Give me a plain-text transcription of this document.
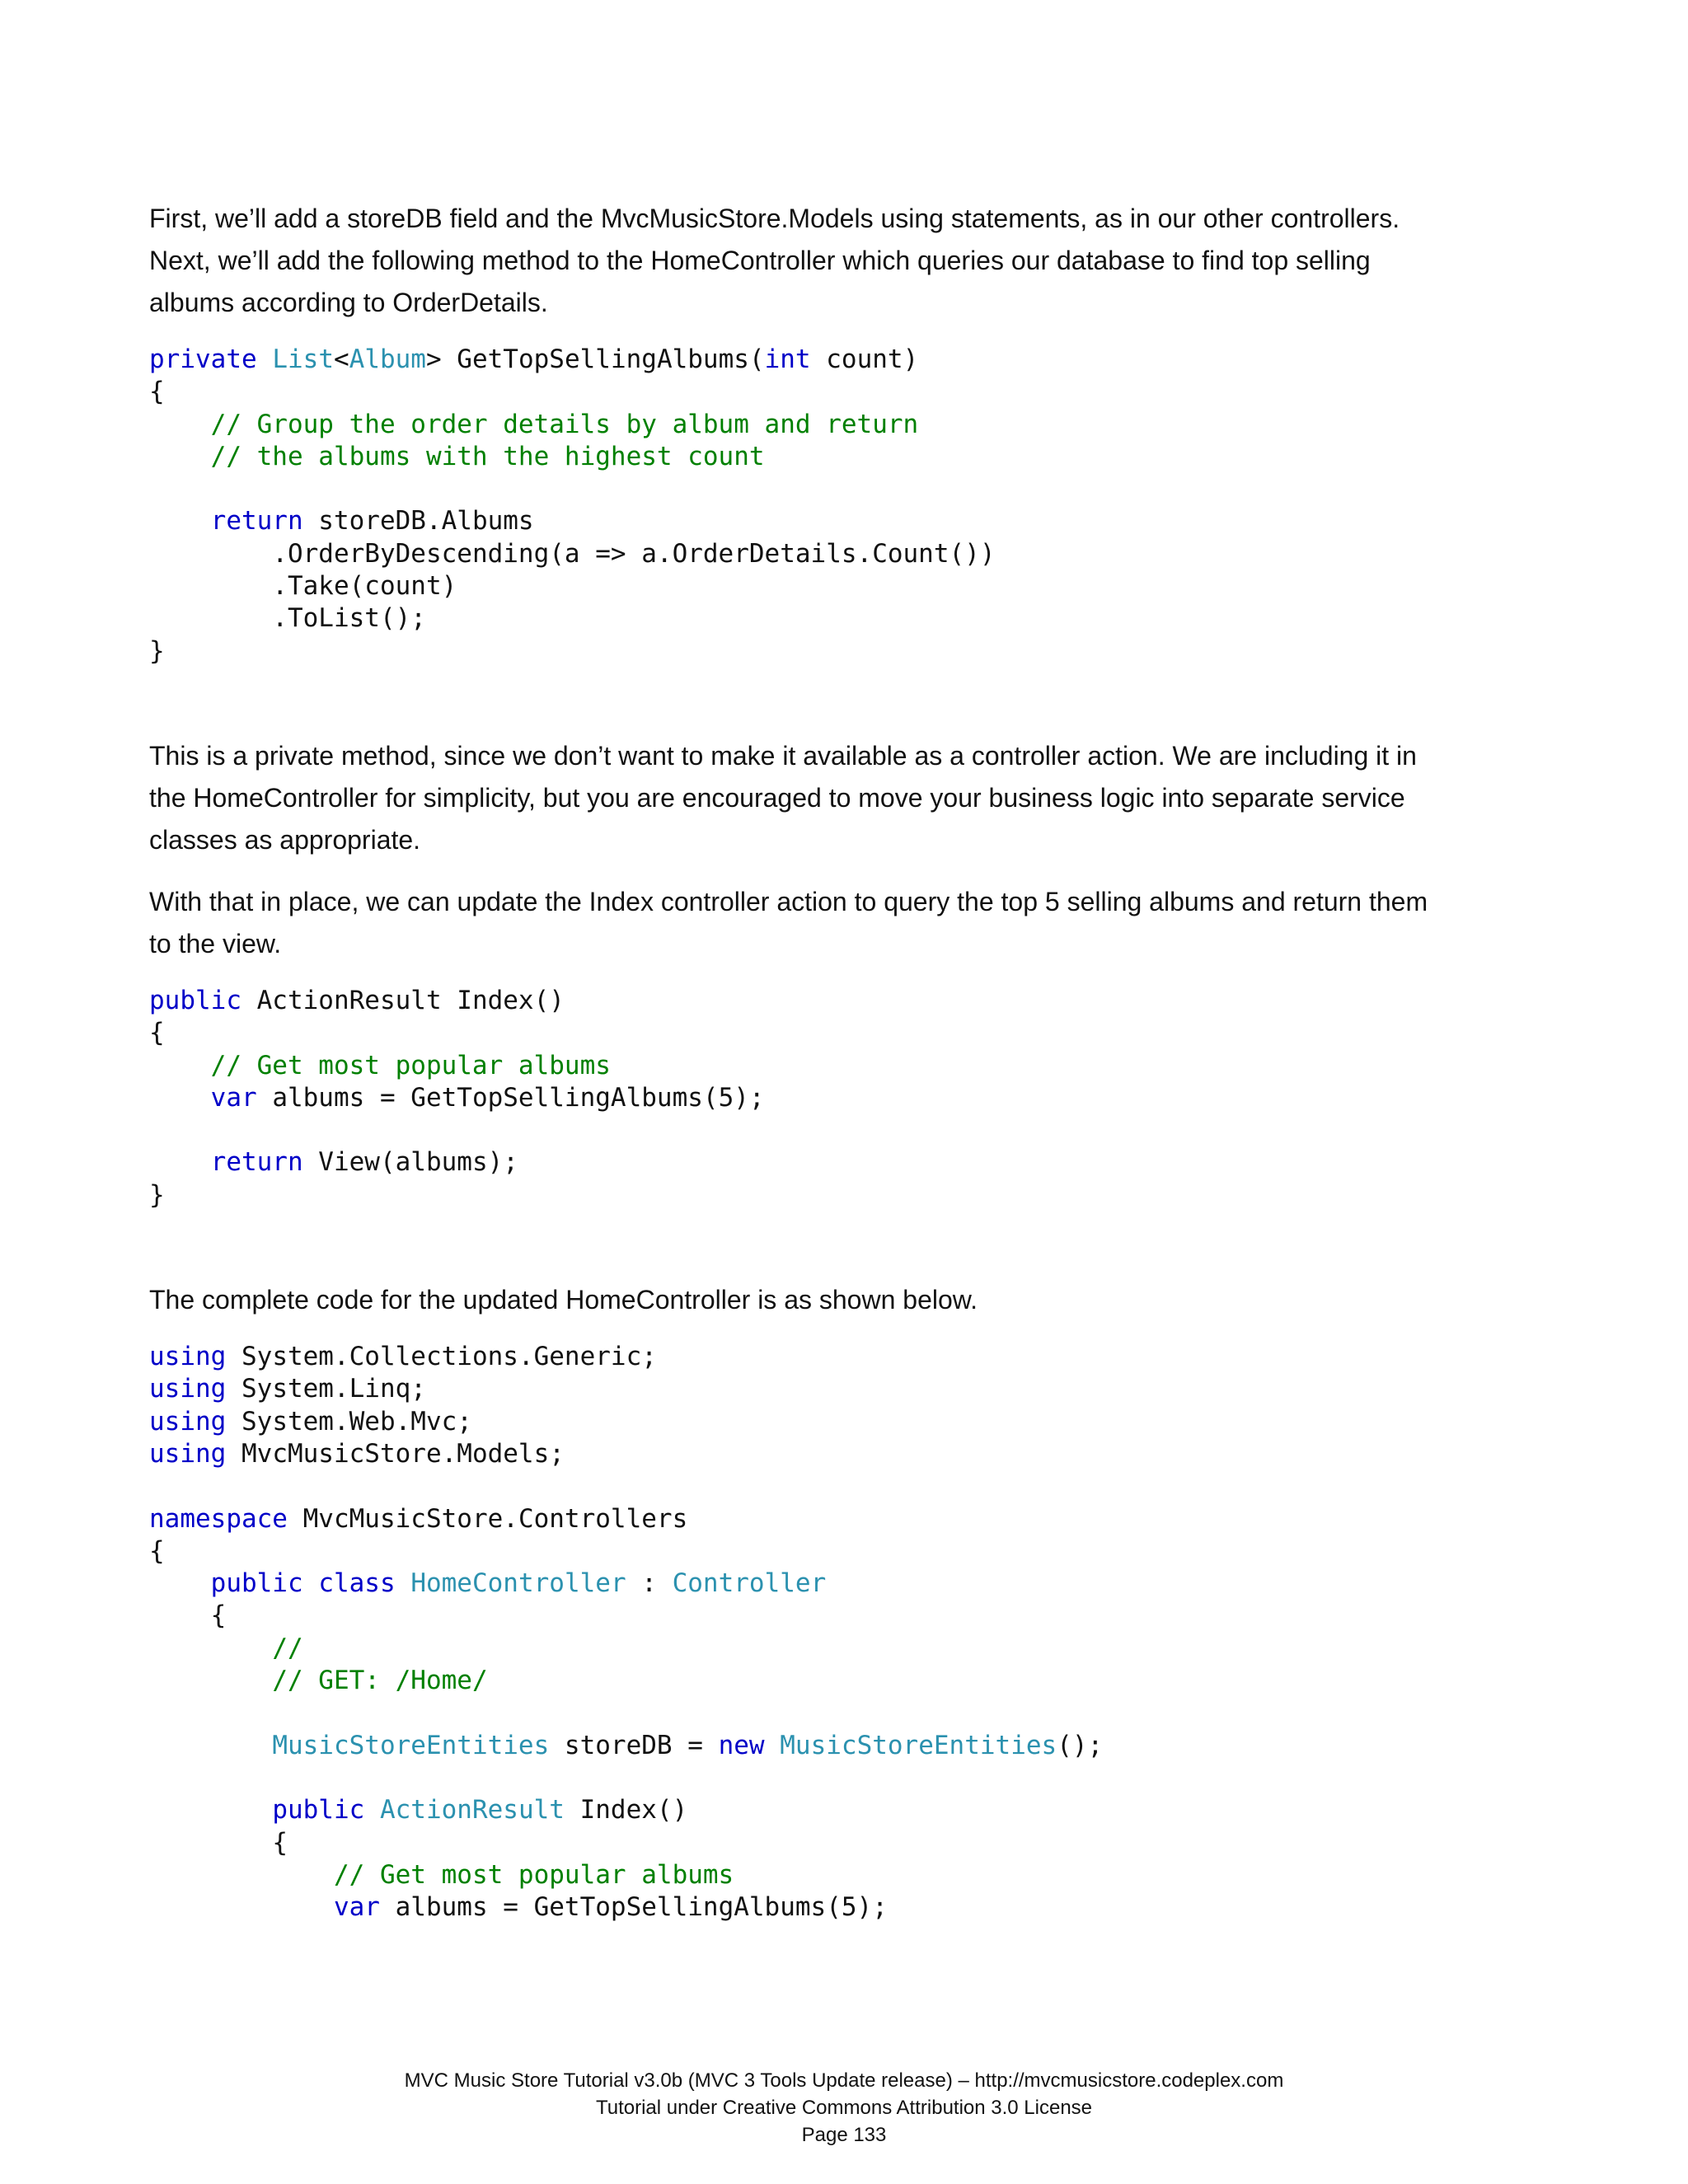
First, we’ll add a storeDB field and the MvcMusicStore.Models using statements, as in our other controllers.

Next, we’ll add the following method to the HomeController which queries our database to find top selling

albums according to OrderDetails.

private List<Album> GetTopSellingAlbums(int count)
{
// Group the order details by album and return
// the albums with the highest count

return storeDB.Albums
.OrderByDescending(a => a.OrderDetails.Count())
.Take(count)
.ToList();
}

This is a private method, since we don’t want to make it available as a controller action. We are including it in

the HomeController for simplicity, but you are encouraged to move your business logic into separate service

classes as appropriate.

With that in place, we can update the Index controller action to query the top 5 selling albums and return them

to the view.

public ActionResult Index()
{
// Get most popular albums
var albums = GetTopSellingAlbums(5);

return View(albums);
}

The complete code for the updated HomeController is as shown below.

using System.Collections.Generic;
using System.Linq;
using System.Web.Mvc;
using MvcMusicStore.Models;

namespace MvcMusicStore.Controllers
{
public class HomeController : Controller
{
//
// GET: /Home/

MusicStoreEntities storeDB = new MusicStoreEntities();

public ActionResult Index()
{
// Get most popular albums
var albums = GetTopSellingAlbums(5);
MVC Music Store Tutorial v3.0b (MVC 3 Tools Update release) – http://mvcmusicstore.codeplex.com
Tutorial under Creative Commons Attribution 3.0 License
Page 133
